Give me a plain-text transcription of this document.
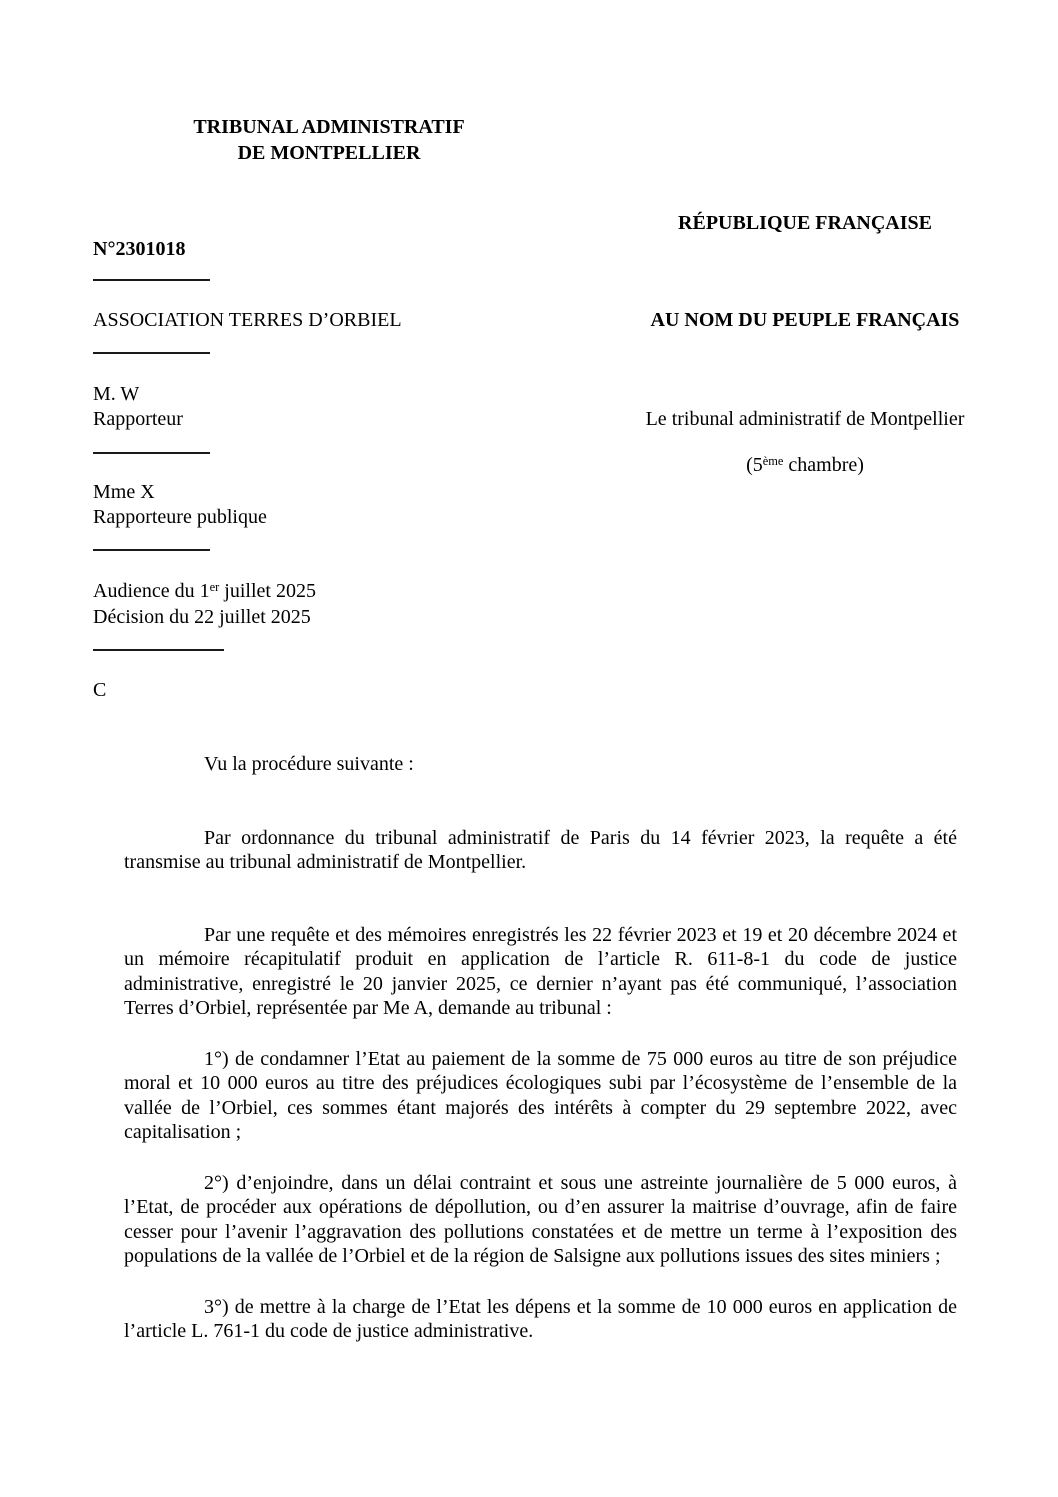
TRIBUNAL ADMINISTRATIF
DE MONTPELLIER
N°2301018
ASSOCIATION TERRES D’ORBIEL
M. W
Rapporteur
Mme X
Rapporteure publique
Audience du 1er juillet 2025
Décision du 22 juillet 2025
C
RÉPUBLIQUE FRANÇAISE
AU NOM DU PEUPLE FRANÇAIS
Le tribunal administratif de Montpellier
(5ème chambre)

Vu la procédure suivante :

Par ordonnance du tribunal administratif de Paris du 14 février 2023, la requête a été transmise au tribunal administratif de Montpellier.

Par une requête et des mémoires enregistrés les 22 février 2023 et 19 et 20 décembre 2024 et un mémoire récapitulatif produit en application de l’article R. 611-8-1 du code de justice administrative, enregistré le 20 janvier 2025, ce dernier n’ayant pas été communiqué, l’association Terres d’Orbiel, représentée par Me A, demande au tribunal :

1°) de condamner l’Etat au paiement de la somme de 75 000 euros au titre de son préjudice moral et 10 000 euros au titre des préjudices écologiques subi par l’écosystème de l’ensemble de la vallée de l’Orbiel, ces sommes étant majorés des intérêts à compter du 29 septembre 2022, avec capitalisation ;

2°) d’enjoindre, dans un délai contraint et sous une astreinte journalière de 5 000 euros, à l’Etat, de procéder aux opérations de dépollution, ou d’en assurer la maitrise d’ouvrage, afin de faire cesser pour l’avenir l’aggravation des pollutions constatées et de mettre un terme à l’exposition des populations de la vallée de l’Orbiel et de la région de Salsigne aux pollutions issues des sites miniers ;

3°) de mettre à la charge de l’Etat les dépens et la somme de 10 000 euros en application de l’article L. 761-1 du code de justice administrative.
